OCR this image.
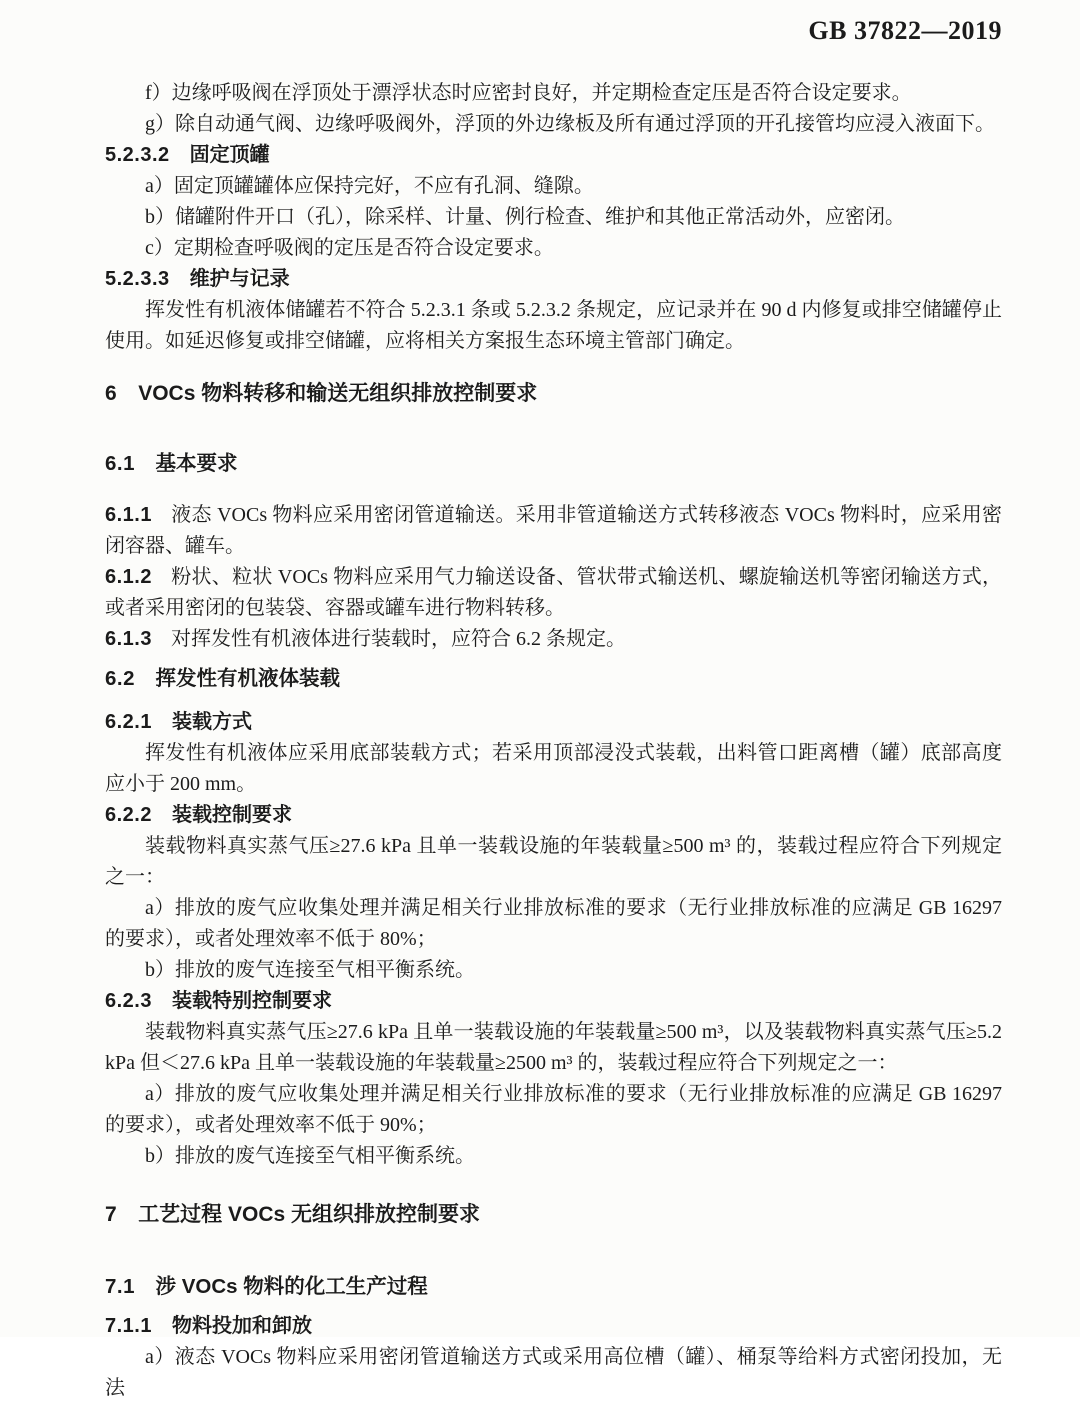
GB 37822—2019

f）边缘呼吸阀在浮顶处于漂浮状态时应密封良好，并定期检查定压是否符合设定要求。

g）除自动通气阀、边缘呼吸阀外，浮顶的外边缘板及所有通过浮顶的开孔接管均应浸入液面下。

5.2.3.2 固定顶罐

a）固定顶罐罐体应保持完好，不应有孔洞、缝隙。

b）储罐附件开口（孔），除采样、计量、例行检查、维护和其他正常活动外，应密闭。

c）定期检查呼吸阀的定压是否符合设定要求。

5.2.3.3 维护与记录

挥发性有机液体储罐若不符合 5.2.3.1 条或 5.2.3.2 条规定，应记录并在 90 d 内修复或排空储罐停止使用。如延迟修复或排空储罐，应将相关方案报生态环境主管部门确定。

6 VOCs 物料转移和输送无组织排放控制要求
6.1 基本要求

6.1.1 液态 VOCs 物料应采用密闭管道输送。采用非管道输送方式转移液态 VOCs 物料时，应采用密闭容器、罐车。

6.1.2 粉状、粒状 VOCs 物料应采用气力输送设备、管状带式输送机、螺旋输送机等密闭输送方式，或者采用密闭的包装袋、容器或罐车进行物料转移。

6.1.3 对挥发性有机液体进行装载时，应符合 6.2 条规定。

6.2 挥发性有机液体装载
6.2.1 装载方式

挥发性有机液体应采用底部装载方式；若采用顶部浸没式装载，出料管口距离槽（罐）底部高度应小于 200 mm。

6.2.2 装载控制要求

装载物料真实蒸气压≥27.6 kPa 且单一装载设施的年装载量≥500 m³ 的，装载过程应符合下列规定之一：

a）排放的废气应收集处理并满足相关行业排放标准的要求（无行业排放标准的应满足 GB 16297 的要求），或者处理效率不低于 80%；

b）排放的废气连接至气相平衡系统。

6.2.3 装载特别控制要求

装载物料真实蒸气压≥27.6 kPa 且单一装载设施的年装载量≥500 m³，以及装载物料真实蒸气压≥5.2 kPa 但＜27.6 kPa 且单一装载设施的年装载量≥2500 m³ 的，装载过程应符合下列规定之一：

a）排放的废气应收集处理并满足相关行业排放标准的要求（无行业排放标准的应满足 GB 16297 的要求），或者处理效率不低于 90%；

b）排放的废气连接至气相平衡系统。

7 工艺过程 VOCs 无组织排放控制要求
7.1 涉 VOCs 物料的化工生产过程
7.1.1 物料投加和卸放

a）液态 VOCs 物料应采用密闭管道输送方式或采用高位槽（罐）、桶泵等给料方式密闭投加，无法
